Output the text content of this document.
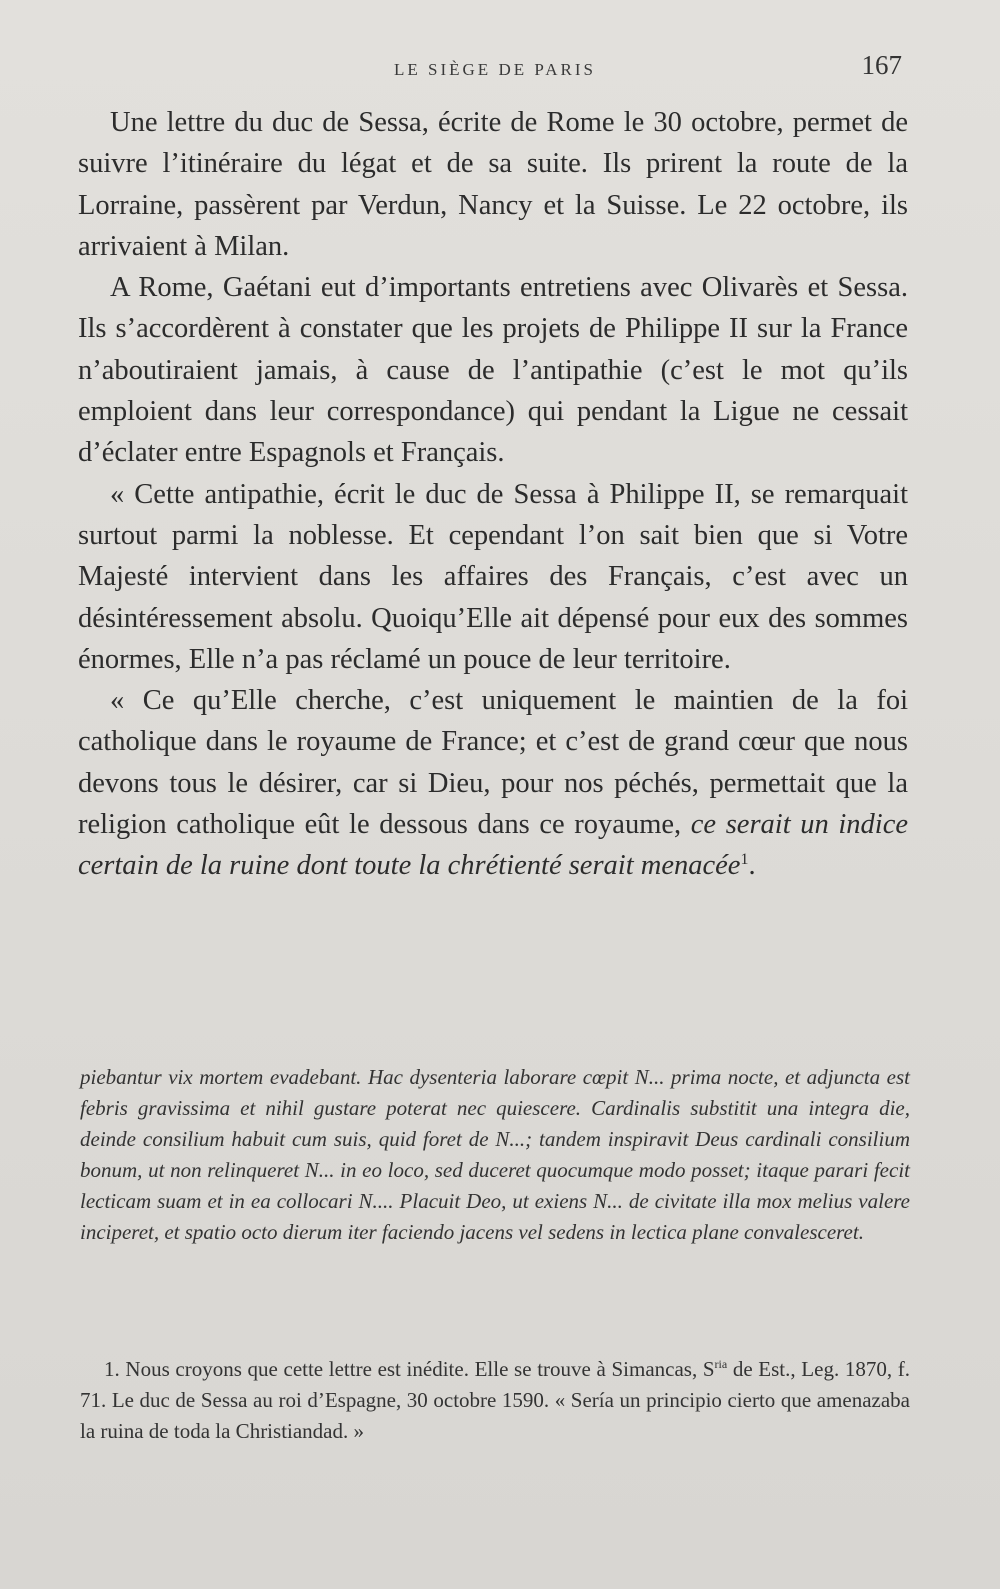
LE SIÈGE DE PARIS	167

Une lettre du duc de Sessa, écrite de Rome le 30 octobre, permet de suivre l’itinéraire du légat et de sa suite. Ils prirent la route de la Lorraine, passèrent par Verdun, Nancy et la Suisse. Le 22 octobre, ils arrivaient à Milan.

A Rome, Gaétani eut d’importants entretiens avec Olivarès et Sessa. Ils s’accordèrent à constater que les projets de Philippe II sur la France n’aboutiraient jamais, à cause de l’antipathie (c’est le mot qu’ils emploient dans leur correspondance) qui pendant la Ligue ne cessait d’éclater entre Espagnols et Français.

« Cette antipathie, écrit le duc de Sessa à Philippe II, se remarquait surtout parmi la noblesse. Et cependant l’on sait bien que si Votre Majesté intervient dans les affaires des Français, c’est avec un désintéressement absolu. Quoiqu’Elle ait dépensé pour eux des sommes énormes, Elle n’a pas réclamé un pouce de leur territoire.

« Ce qu’Elle cherche, c’est uniquement le maintien de la foi catholique dans le royaume de France; et c’est de grand cœur que nous devons tous le désirer, car si Dieu, pour nos péchés, permettait que la religion catholique eût le dessous dans ce royaume, ce serait un indice certain de la ruine dont toute la chrétienté serait menacée$^1$.

piebantur vix mortem evadebant. Hac dysenteria laborare cœpit N... prima nocte, et adjuncta est febris gravissima et nihil gustare poterat nec quiescere. Cardinalis substitit una integra die, deinde consilium habuit cum suis, quid foret de N...; tandem inspiravit Deus cardinali consilium bonum, ut non relinqueret N... in eo loco, sed duceret quocumque modo posset; itaque parari fecit lecticam suam et in ea collocari N.... Placuit Deo, ut exiens N... de civitate illa mox melius valere inciperet, et spatio octo dierum iter faciendo jacens vel sedens in lectica plane convalesceret.

1. Nous croyons que cette lettre est inédite. Elle se trouve à Simancas, $S^{ria}$ de Est., Leg. 1870, f. 71. Le duc de Sessa au roi d’Espagne, 30 octobre 1590. « Sería un principio cierto que amenazaba la ruina de toda la Christiandad. »
